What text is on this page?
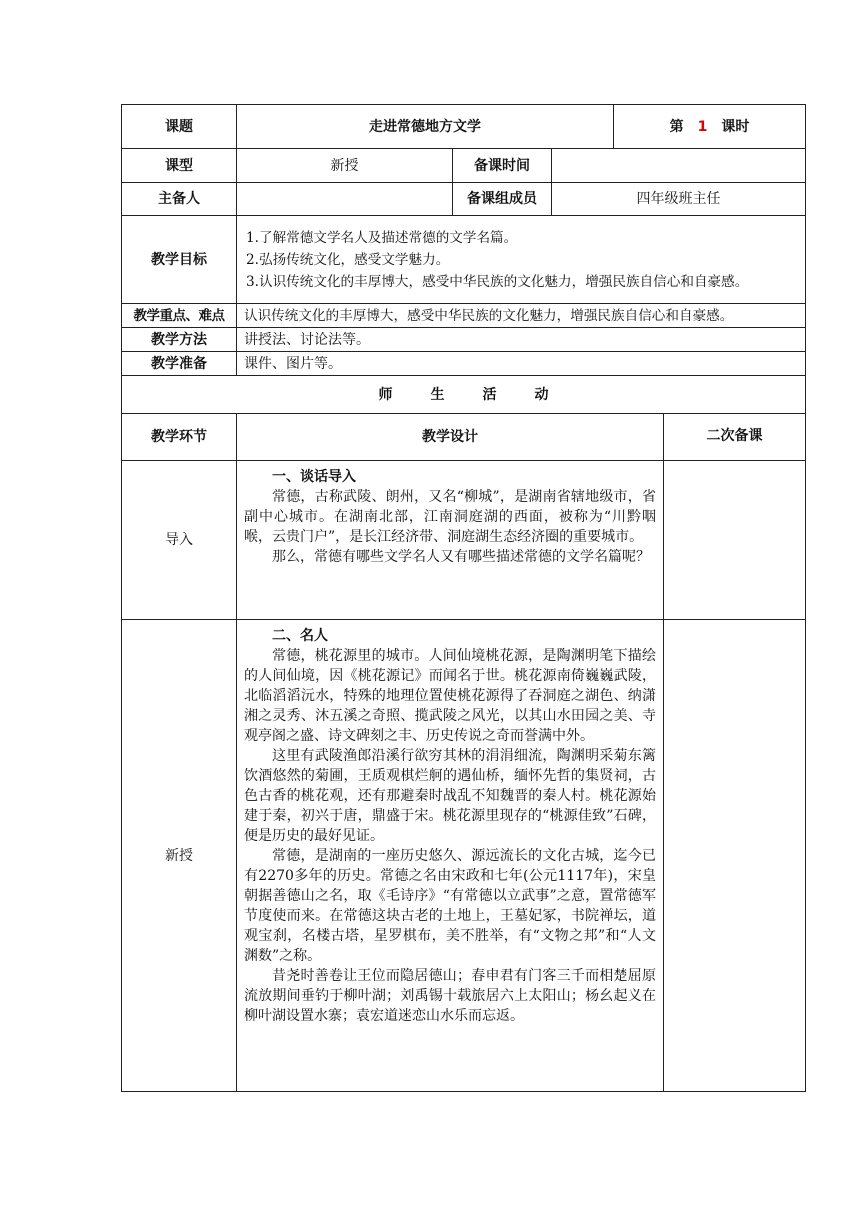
课题	走进常德地方文学			第 1 课时	
课型	新授	备课时间			
主备人		备课组成员	四年级班主任		
教学目标	1.了解常德文学名人及描述常德的文学名篇。
2.弘扬传统文化，感受文学魅力。
3.认识传统文化的丰厚博大，感受中华民族的文化魅力，增强民族自信心和自豪感。				

教学重点、难点	认识传统文化的丰厚博大，感受中华民族的文化魅力，增强民族自信心和自豪感。				
教学方法	讲授法、讨论法等。				
教学准备	课件、图片等。				
师生活动					
教学环节	教学设计				二次备课
导入	一、谈话导入
常德，古称武陵、朗州，又名“柳城”，是湖南省辖地级市，省副中心城市。在湖南北部，江南洞庭湖的西面，被称为“川黔咽喉，云贵门户”，是长江经济带、洞庭湖生态经济圈的重要城市。
那么，常德有哪些文学名人又有哪些描述常德的文学名篇呢？				

新授	二、名人
常德，桃花源里的城市。人间仙境桃花源，是陶渊明笔下描绘的人间仙境，因《桃花源记》而闻名于世。桃花源南倚巍巍武陵，北临滔滔沅水，特殊的地理位置使桃花源得了吞洞庭之湖色、纳潇湘之灵秀、沐五溪之奇照、揽武陵之风光，以其山水田园之美、寺观亭阁之盛、诗文碑刻之丰、历史传说之奇而誉满中外。
这里有武陵渔郎沿溪行欲穷其林的涓涓细流，陶渊明采菊东篱饮酒悠然的菊圃，王质观棋烂舸的遇仙桥，缅怀先哲的集贤祠，古色古香的桃花观，还有那避秦时战乱不知魏晋的秦人村。桃花源始建于秦，初兴于唐，鼎盛于宋。桃花源里现存的“桃源佳致”石碑，便是历史的最好见证。
常德，是湖南的一座历史悠久、源远流长的文化古城，迄今已有2270多年的历史。常德之名由宋政和七年(公元1117年)，宋皇朝据善德山之名，取《毛诗序》“有常德以立武事”之意，置常德军节度使而来。在常德这块古老的土地上，王墓妃冢，书院禅坛，道观宝刹，名楼古塔，星罗棋布，美不胜举，有“文物之邦”和“人文渊数”之称。
昔尧时善卷让王位而隐居德山；春申君有门客三千而相楚屈原流放期间垂钓于柳叶湖；刘禹锡十载旅居六上太阳山；杨幺起义在柳叶湖设置水寨；袁宏道迷恋山水乐而忘返。				
